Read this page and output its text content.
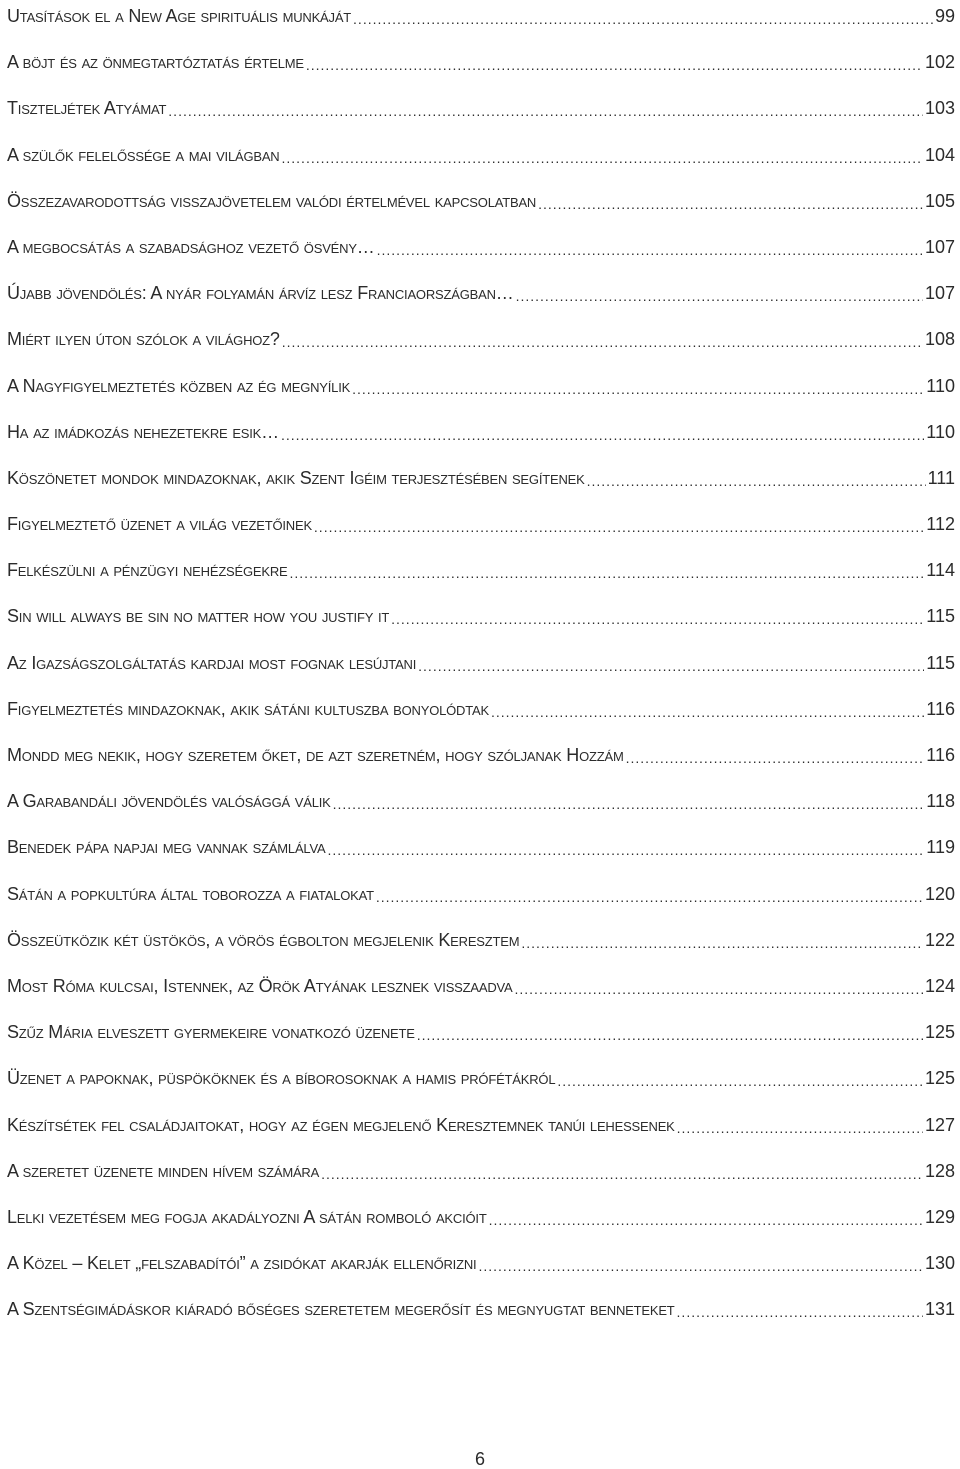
Utasítások el a New Age spirituális munkáját .....	99
A böjt és az önmegtartóztatás értelme .....	102
Tiszteljétek Atyámat .....	103
A szülők felelőssége a mai világban .....	104
Összezavarodottság visszajövetelem valódi értelmével kapcsolatban .....	105
A megbocsátás a szabadsághoz vezető ösvény… .....	107
Újabb jövendölés: A nyár folyamán árvíz lesz Franciaországban… .....	107
Miért ilyen úton szólok a világhoz? .....	108
A Nagyfigyelmeztetés közben az ég megnyílik .....	110
Ha az imádkozás nehezetekre esik… .....	110
Köszönetet mondok mindazoknak, akik Szent Igéim terjesztésében segítenek .....	111
Figyelmeztető üzenet a világ vezetőinek .....	112
Felkészülni a pénzügyi nehézségekre .....	114
Sin will always be sin no matter how you justify it .....	115
Az Igazságszolgáltatás kardjai most fognak lesújtani .....	115
Figyelmeztetés mindazoknak, akik sátáni kultuszba bonyolódtak .....	116
Mondd meg nekik, hogy szeretem őket, de azt szeretném, hogy szóljanak Hozzám .....	116
A Garabandáli jövendölés valósággá válik .....	118
Benedek pápa napjai meg vannak számlálva .....	119
Sátán a popkultúra által toborozza a fiatalokat .....	120
Összeütközik két üstökös, a vörös égbolton megjelenik Keresztem .....	122
Most Róma kulcsai, Istennek, az Örök Atyának lesznek visszaadva .....	124
Szűz Mária elveszett gyermekeire vonatkozó üzenete .....	125
Üzenet a papoknak, püspököknek és a bíborosoknak a hamis prófétákról .....	125
Készítsétek fel családjaitokat, hogy az égen megjelenő Keresztemnek tanúi lehessenek .....	127
A szeretet üzenete minden hívem számára .....	128
Lelki vezetésem meg fogja akadályozni A sátán romboló akcióit .....	129
A Közel – Kelet „felszabadítói” a zsidókat akarják ellenőrizni .....	130
A Szentségimádáskor kiáradó bőséges szeretetem megerősít és megnyugtat benneteket .....	131
6
